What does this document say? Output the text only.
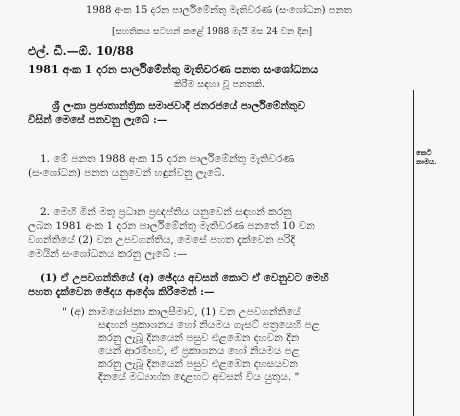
1988 අංක 15 දරන පාර්ලිමේන්තු මැතිවරණ (සංශෝධන) පනත
[සහතිකය සටහන් කළේ 1988 මැයි මස 24 වන දින]
එල්. ඩී.—ඕ. 10/88
1981 අංක 1 දරන පාර්ලිමේන්තු මැතිවරණ පනත සංශෝධනය
කිරීම සඳහා වූ පනතකි.
ශ්‍රී ලංකා ප්‍රජාතාන්ත්‍රික සමාජවාදී ජනරජයේ පාර්ලිමේන්තුව
විසින් මෙසේ පනවනු ලැබේ :—
1. මේ පනත 1988 අංක 15 දරන පාර්ලිමේන්තු මැතිවරණ
(සංශෝධන) පනත යනුවෙන් හඳුන්වනු ලැබේ.
2. මෙහි මින් මතු ප්‍රධාන ප්‍රඥප්තිය යනුවෙන් සඳහන් කරනු
ලබන 1981 අංක 1 දරන පාර්ලිමේන්තු මැතිවරණ පනතේ 10 වන
වගන්තියේ (2) වන උපවගන්තිය, මෙසේ පහත දැක්වෙන පරිදි
මෙයින් සංශෝධනය කරනු ලැබේ :—
(1) ඒ උපවගන්තියේ (අ) ඡේදය අවසන් කොට ඒ වෙනුවට මෙහි
පහත දැක්වෙන ඡේදය ආදේශ කිරීමෙන් :—
" (අ) නාමයෝජනා කාලසීමාව, (1) වන උපවගන්තියේ
සඳහන් ප්‍රකාශනය හෝ නියමය ගැසට් පත්‍රයෙහි පළ
කරනු ලැබූ දිනයෙන් පසුව එළඹෙන දහවන දින
යෙන් ආරම්භව, ඒ ප්‍රකාශනය හෝ නියමය පළ
කරනු ලැබූ දිනයෙන් පසුව එළඹෙන දහසයවන
දිනයේ මධ්‍යාහ්න දොළහට අවසන් විය යුතුය. "
කෙටි
නාමය.
